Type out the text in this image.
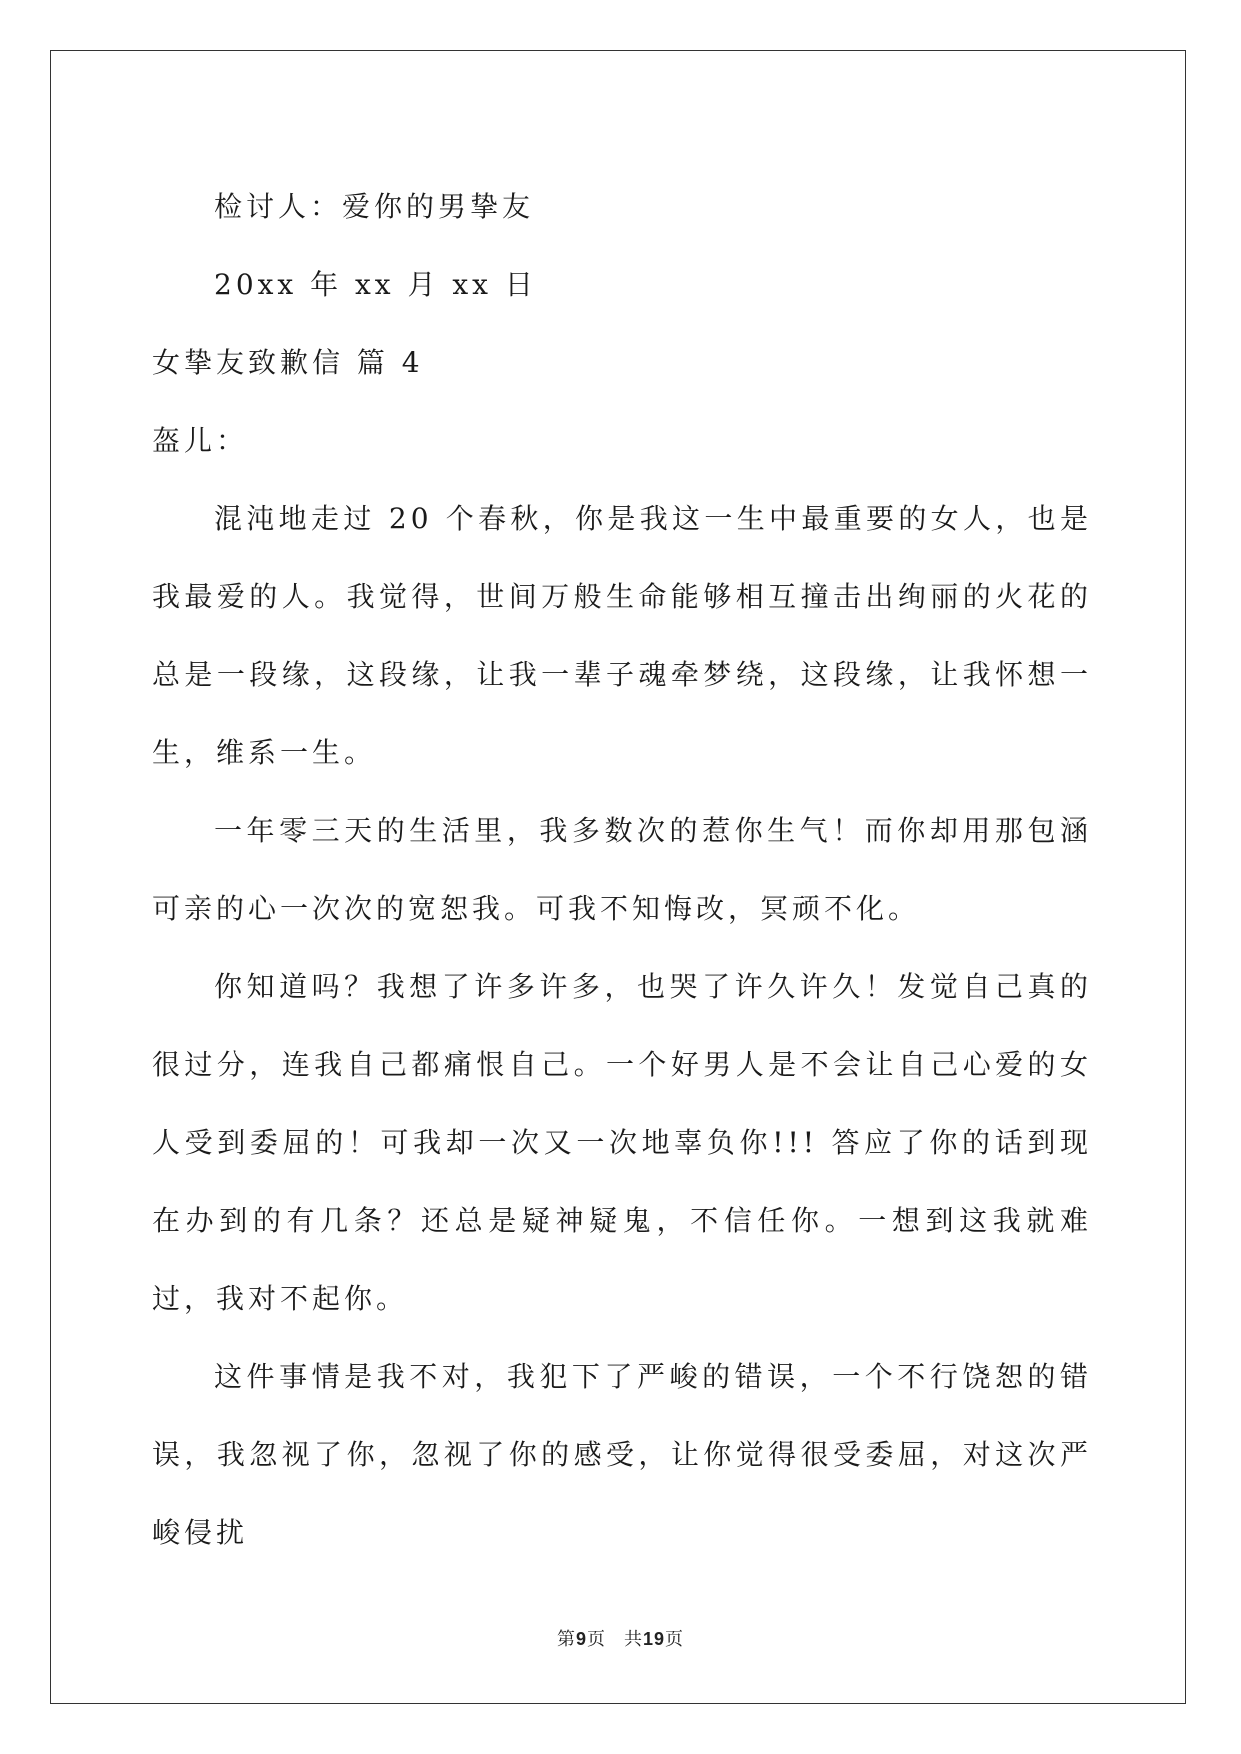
检讨人：爱你的男挚友
20xx 年 xx 月 xx 日
女挚友致歉信 篇 4
盔儿：

混沌地走过 20 个春秋，你是我这一生中最重要的女人，也是我最爱的人。我觉得，世间万般生命能够相互撞击出绚丽的火花的总是一段缘，这段缘，让我一辈子魂牵梦绕，这段缘，让我怀想一生，维系一生。

一年零三天的生活里，我多数次的惹你生气！而你却用那包涵可亲的心一次次的宽恕我。可我不知悔改，冥顽不化。

你知道吗？我想了许多许多，也哭了许久许久！发觉自己真的很过分，连我自己都痛恨自己。一个好男人是不会让自己心爱的女人受到委屈的！可我却一次又一次地辜负你!!! 答应了你的话到现在办到的有几条？还总是疑神疑鬼，不信任你。一想到这我就难过，我对不起你。

这件事情是我不对，我犯下了严峻的错误，一个不行饶恕的错误，我忽视了你，忽视了你的感受，让你觉得很受委屈，对这次严峻侵扰

第9页 共19页
